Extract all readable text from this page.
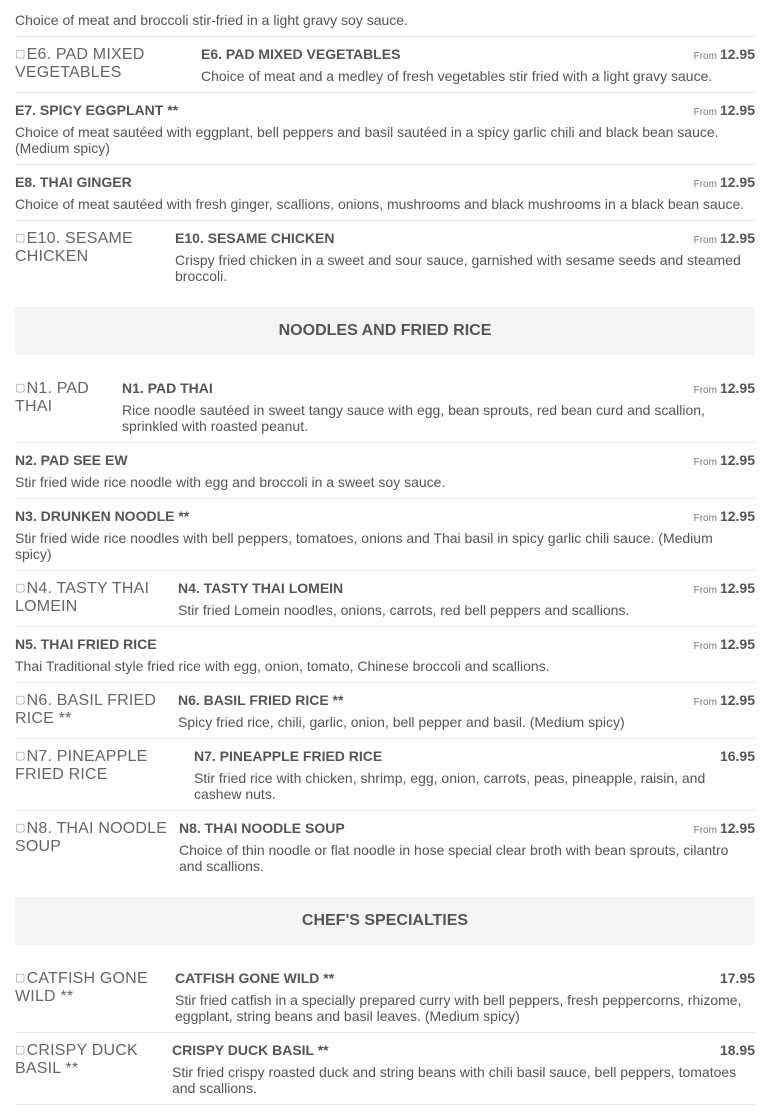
Choice of meat and broccoli stir-fried in a light gravy soy sauce.
▢ E6. PAD MIXED VEGETABLES
E6. PAD MIXED VEGETABLES	From 12.95
Choice of meat and a medley of fresh vegetables stir fried with a light gravy sauce.
E7. SPICY EGGPLANT **	From 12.95
Choice of meat sautéed with eggplant, bell peppers and basil sautéed in a spicy garlic chili and black bean sauce. (Medium spicy)
E8. THAI GINGER	From 12.95
Choice of meat sautéed with fresh ginger, scallions, onions, mushrooms and black mushrooms in a black bean sauce.
▢ E10. SESAME CHICKEN
E10. SESAME CHICKEN	From 12.95
Crispy fried chicken in a sweet and sour sauce, garnished with sesame seeds and steamed broccoli.
NOODLES AND FRIED RICE
▢ N1. PAD THAI
N1. PAD THAI	From 12.95
Rice noodle sautéed in sweet tangy sauce with egg, bean sprouts, red bean curd and scallion, sprinkled with roasted peanut.
N2. PAD SEE EW	From 12.95
Stir fried wide rice noodle with egg and broccoli in a sweet soy sauce.
N3. DRUNKEN NOODLE **	From 12.95
Stir fried wide rice noodles with bell peppers, tomatoes, onions and Thai basil in spicy garlic chili sauce. (Medium spicy)
▢ N4. TASTY THAI LOMEIN
N4. TASTY THAI LOMEIN	From 12.95
Stir fried Lomein noodles, onions, carrots, red bell peppers and scallions.
N5. THAI FRIED RICE	From 12.95
Thai Traditional style fried rice with egg, onion, tomato, Chinese broccoli and scallions.
▢ N6. BASIL FRIED RICE **
N6. BASIL FRIED RICE **	From 12.95
Spicy fried rice, chili, garlic, onion, bell pepper and basil. (Medium spicy)
▢ N7. PINEAPPLE FRIED RICE
N7. PINEAPPLE FRIED RICE	16.95
Stir fried rice with chicken, shrimp, egg, onion, carrots, peas, pineapple, raisin, and cashew nuts.
▢ N8. THAI NOODLE SOUP
N8. THAI NOODLE SOUP	From 12.95
Choice of thin noodle or flat noodle in hose special clear broth with bean sprouts, cilantro and scallions.
CHEF'S SPECIALTIES
▢ CATFISH GONE WILD **
CATFISH GONE WILD **	17.95
Stir fried catfish in a specially prepared curry with bell peppers, fresh peppercorns, rhizome, eggplant, string beans and basil leaves. (Medium spicy)
▢ CRISPY DUCK BASIL **
CRISPY DUCK BASIL **	18.95
Stir fried crispy roasted duck and string beans with chili basil sauce, bell peppers, tomatoes and scallions.
